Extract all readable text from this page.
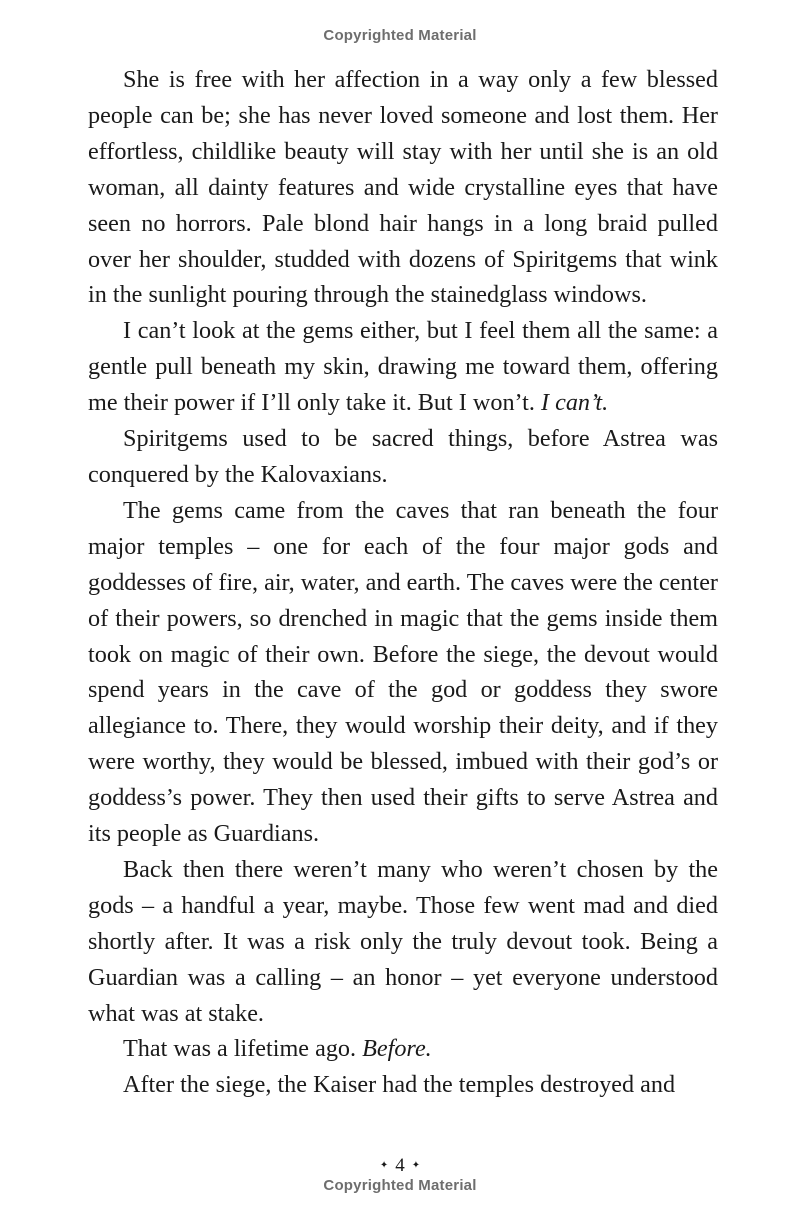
Copyrighted Material

She is free with her affection in a way only a few blessed people can be; she has never loved someone and lost them. Her effortless, childlike beauty will stay with her until she is an old woman, all dainty features and wide crystalline eyes that have seen no horrors. Pale blond hair hangs in a long braid pulled over her shoulder, studded with dozens of Spiritgems that wink in the sunlight pouring through the stainedglass windows.

I can’t look at the gems either, but I feel them all the same: a gentle pull beneath my skin, drawing me toward them, offering me their power if I’ll only take it. But I won’t. I can’t.

Spiritgems used to be sacred things, before Astrea was conquered by the Kalovaxians.

The gems came from the caves that ran beneath the four major temples – one for each of the four major gods and goddesses of fire, air, water, and earth. The caves were the center of their powers, so drenched in magic that the gems inside them took on magic of their own. Before the siege, the devout would spend years in the cave of the god or goddess they swore allegiance to. There, they would worship their deity, and if they were worthy, they would be blessed, imbued with their god’s or goddess’s power. They then used their gifts to serve Astrea and its people as Guardians.

Back then there weren’t many who weren’t chosen by the gods – a handful a year, maybe. Those few went mad and died shortly after. It was a risk only the truly devout took. Being a Guardian was a calling – an honor – yet everyone understood what was at stake.

That was a lifetime ago. Before.

After the siege, the Kaiser had the temples destroyed and

✦ 4 ✦
Copyrighted Material
